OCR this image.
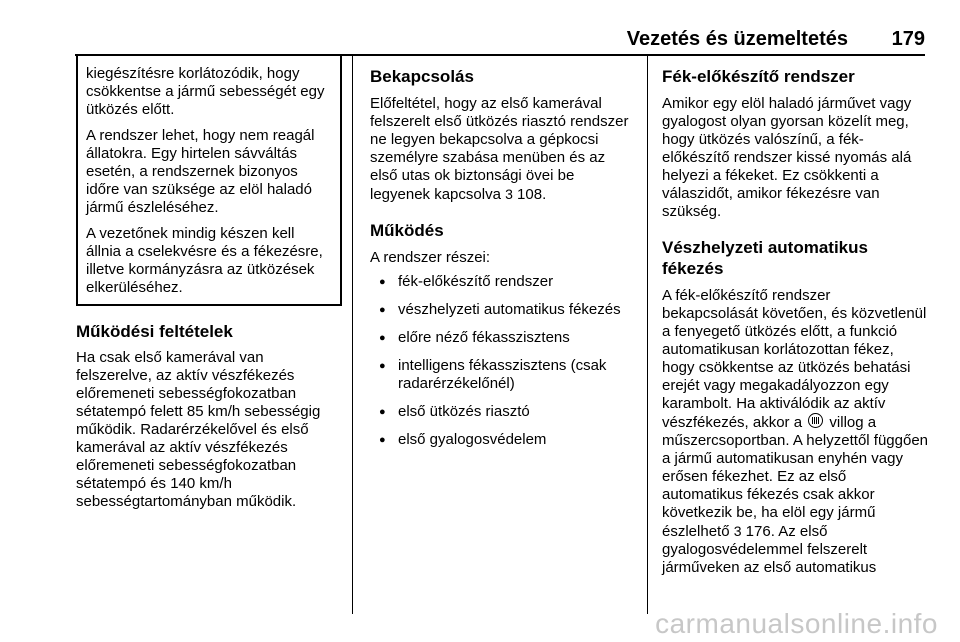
Vezetés és üzemeltetés 179

kiegészítésre korlátozódik, hogy csökkentse a jármű sebességét egy ütközés előtt.

A rendszer lehet, hogy nem reagál állatokra. Egy hirtelen sávváltás esetén, a rendszernek bizonyos időre van szüksége az elöl haladó jármű észleléséhez.

A vezetőnek mindig készen kell állnia a cselekvésre és a fékezésre, illetve kormányzásra az ütközések elkerüléséhez.

Működési feltételek

Ha csak első kamerával van felszerelve, az aktív vészfékezés előremeneti sebességfokozatban sétatempó felett 85 km/h sebességig működik. Radarérzékelővel és első kamerával az aktív vészfékezés előremeneti sebességfokozatban sétatempó és 140 km/h sebességtartományban működik.

Bekapcsolás

Előfeltétel, hogy az első kamerával felszerelt első ütközés riasztó rendszer ne legyen bekapcsolva a gépkocsi személyre szabása menüben és az első utas ok biztonsági övei be legyenek kapcsolva 3 108.

Működés

A rendszer részei:

● fék-előkészítő rendszer
● vészhelyzeti automatikus fékezés
● előre néző fékasszisztens
● intelligens fékasszisztens (csak radarérzékelőnél)
● első ütközés riasztó
● első gyalogosvédelem
Fék-előkészítő rendszer

Amikor egy elöl haladó járművet vagy gyalogost olyan gyorsan közelít meg, hogy ütközés valószínű, a fék-előkészítő rendszer kissé nyomás alá helyezi a fékeket. Ez csökkenti a válaszidőt, amikor fékezésre van szükség.

Vészhelyzeti automatikus fékezés

A fék-előkészítő rendszer bekapcsolását követően, és közvetlenül a fenyegető ütközés előtt, a funkció automatikusan korlátozottan fékez, hogy csökkentse az ütközés behatási erejét vagy megakadályozzon egy karambolt. Ha aktiválódik az aktív vészfékezés, akkor a  villog a műszercsoportban. A helyzettől függően a jármű automatikusan enyhén vagy erősen fékezhet. Ez az első automatikus fékezés csak akkor következik be, ha elöl egy jármű észlelhető 3 176. Az első gyalogosvédelemmel felszerelt járműveken az első automatikus

carmanualsonline.info
